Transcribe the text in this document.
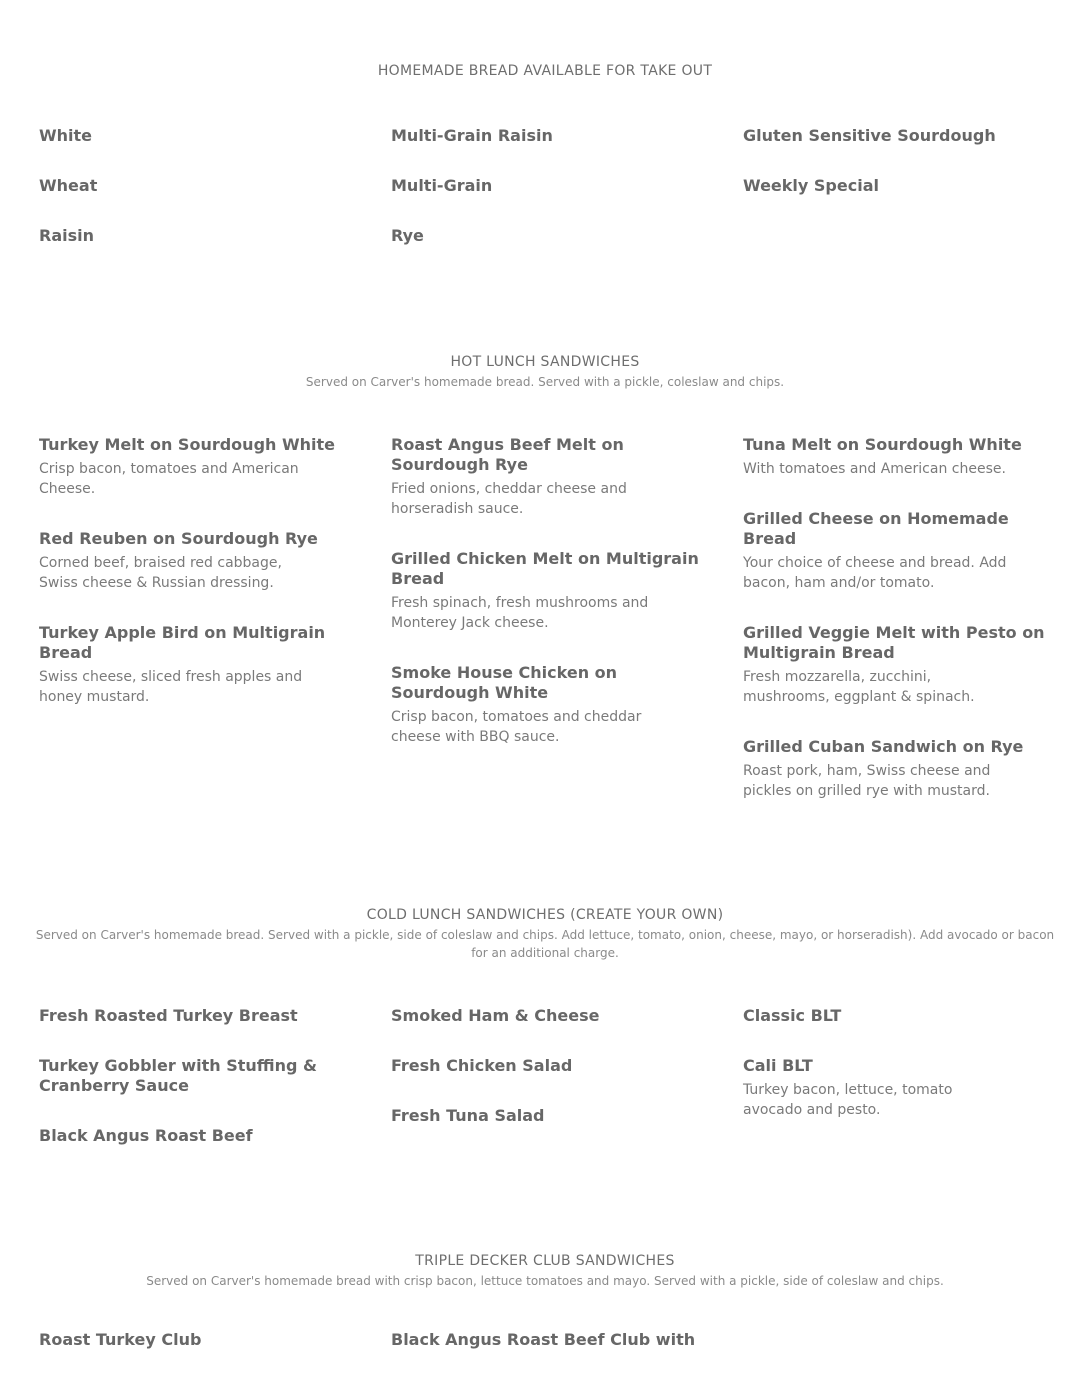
HOMEMADE BREAD AVAILABLE FOR TAKE OUT
White
Wheat
Raisin
Multi-Grain Raisin
Multi-Grain
Rye
Gluten Sensitive Sourdough
Weekly Special
HOT LUNCH SANDWICHES
Served on Carver's homemade bread. Served with a pickle, coleslaw and chips.
Turkey Melt on Sourdough White
Crisp bacon, tomatoes and American Cheese.
Red Reuben on Sourdough Rye
Corned beef, braised red cabbage, Swiss cheese & Russian dressing.
Turkey Apple Bird on Multigrain Bread
Swiss cheese, sliced fresh apples and honey mustard.
Roast Angus Beef Melt on Sourdough Rye
Fried onions, cheddar cheese and horseradish sauce.
Grilled Chicken Melt on Multigrain Bread
Fresh spinach, fresh mushrooms and Monterey Jack cheese.
Smoke House Chicken on Sourdough White
Crisp bacon, tomatoes and cheddar cheese with BBQ sauce.
Tuna Melt on Sourdough White
With tomatoes and American cheese.
Grilled Cheese on Homemade Bread
Your choice of cheese and bread. Add bacon, ham and/or tomato.
Grilled Veggie Melt with Pesto on Multigrain Bread
Fresh mozzarella, zucchini, mushrooms, eggplant & spinach.
Grilled Cuban Sandwich on Rye
Roast pork, ham, Swiss cheese and pickles on grilled rye with mustard.
COLD LUNCH SANDWICHES (CREATE YOUR OWN)
Served on Carver's homemade bread. Served with a pickle, side of coleslaw and chips. Add lettuce, tomato, onion, cheese, mayo, or horseradish). Add avocado or bacon for an additional charge.
Fresh Roasted Turkey Breast
Turkey Gobbler with Stuffing & Cranberry Sauce
Black Angus Roast Beef
Smoked Ham & Cheese
Fresh Chicken Salad
Fresh Tuna Salad
Classic BLT
Cali BLT
Turkey bacon, lettuce, tomato avocado and pesto.
TRIPLE DECKER CLUB SANDWICHES
Served on Carver's homemade bread with crisp bacon, lettuce tomatoes and mayo. Served with a pickle, side of coleslaw and chips.
Roast Turkey Club	Black Angus Roast Beef Club with
